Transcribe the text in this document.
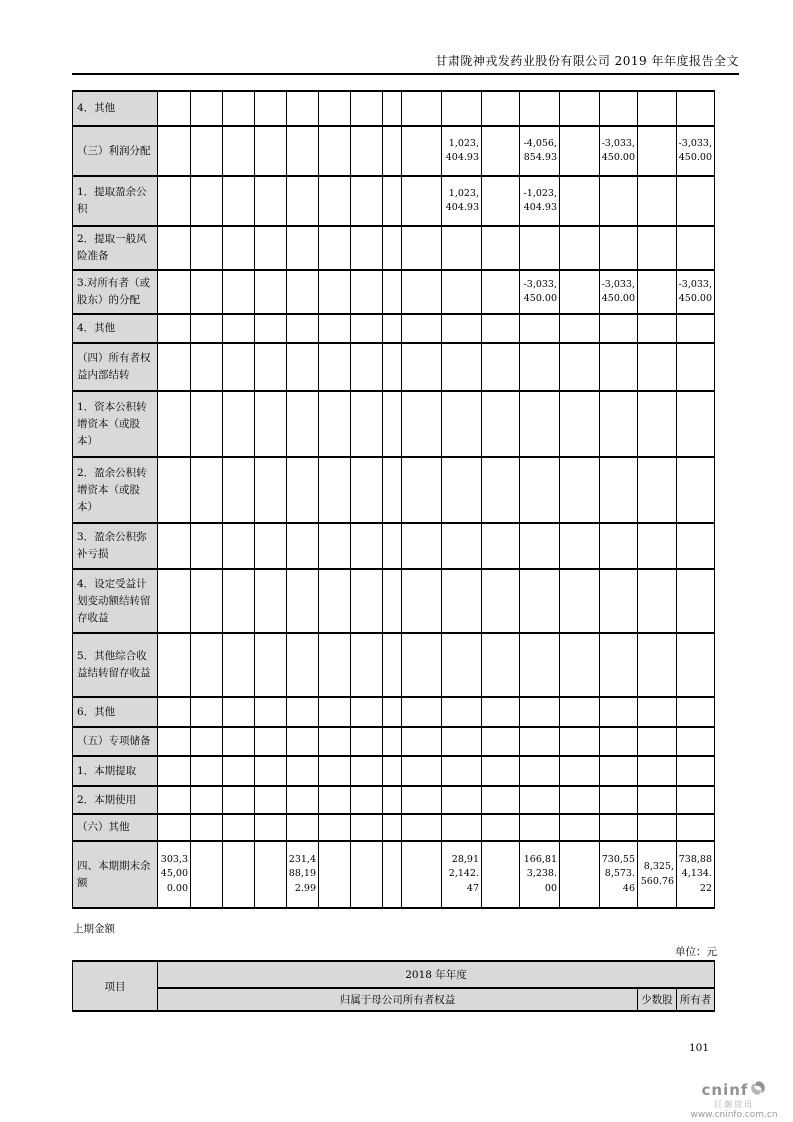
甘肃陇神戎发药业股份有限公司 2019 年年度报告全文
4．其他																
（三）利润分配										1,023,404.93		-4,056,854.93		-3,033,450.00		-3,033,450.00
1．提取盈余公积										1,023,404.93		-1,023,404.93				
2．提取一般风险准备																
3.对所有者（或股东）的分配												-3,033,450.00		-3,033,450.00		-3,033,450.00
4．其他																
（四）所有者权益内部结转																
1．资本公积转增资本（或股本）																
2．盈余公积转增资本（或股本）																
3．盈余公积弥补亏损																
4．设定受益计划变动额结转留存收益																
5．其他综合收益结转留存收益																
6．其他																
（五）专项储备																
1．本期提取																
2．本期使用																
（六）其他																
四、本期期末余额	303,345,000.00				231,488,192.99					28,912,142.47		166,813,238.00		730,558,573.46	8,325,560.76	738,884,134.22
上期金额
单位：元
项目	2018 年年度		
	归属于母公司所有者权益	少数股	所有者
101
cninf
巨潮资讯
www.cninfo.com.cn
